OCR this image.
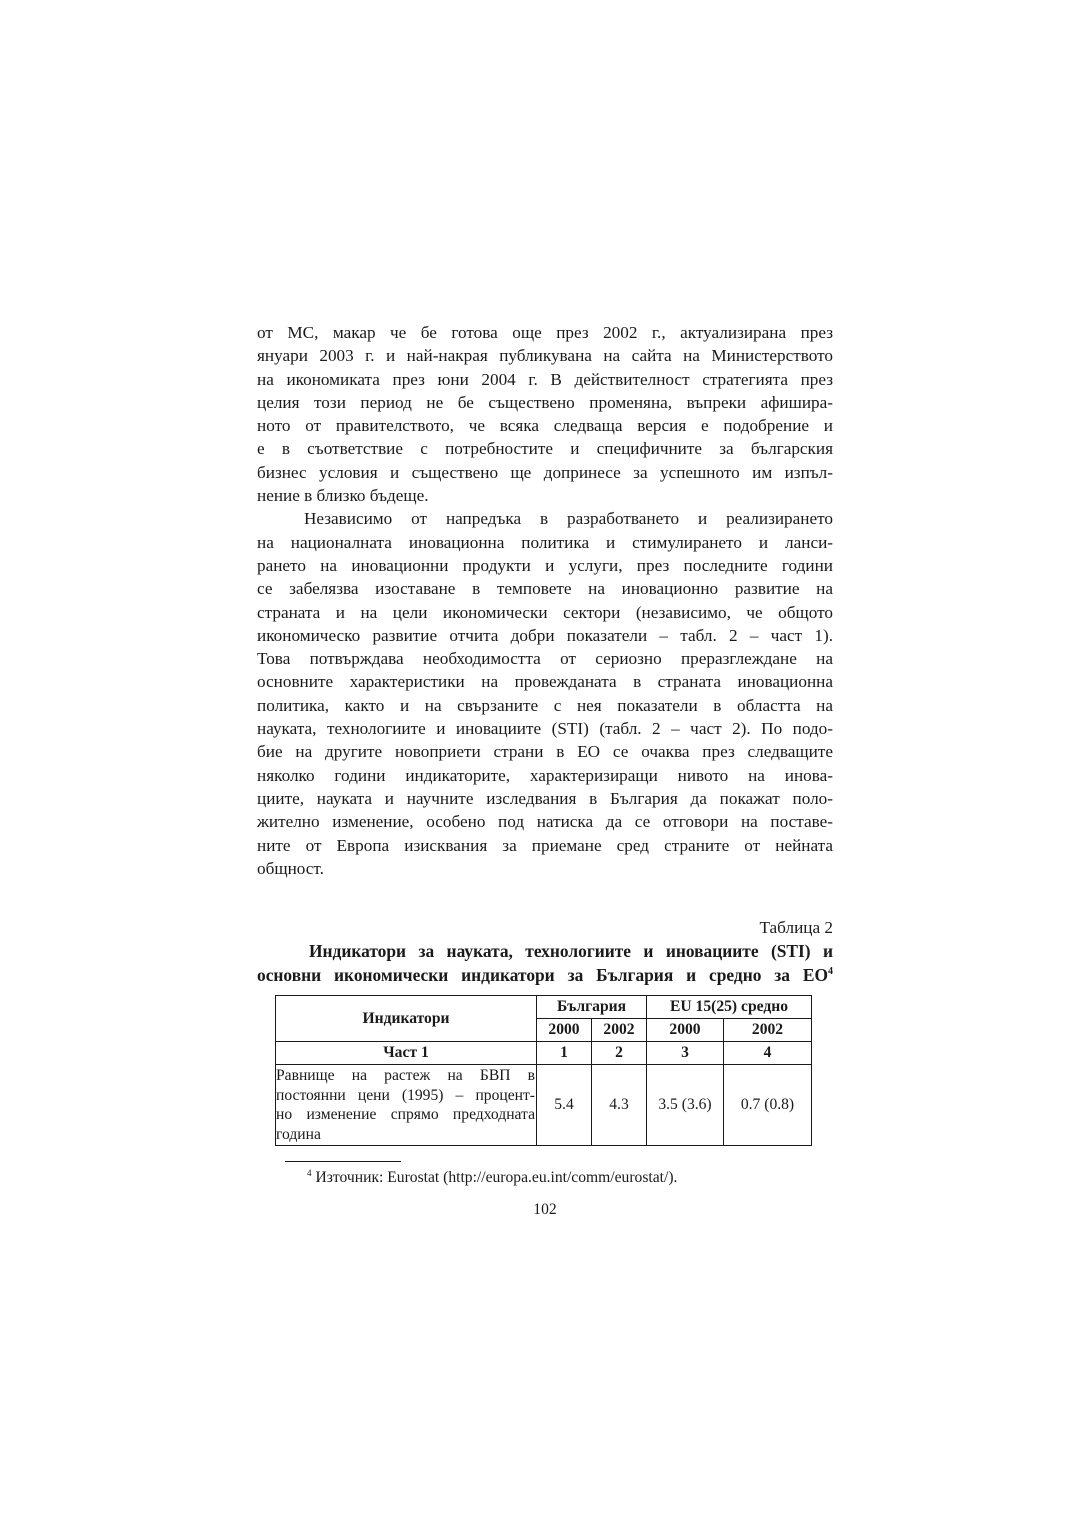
от МС, макар че бе готова още през 2002 г., актуализирана през
януари 2003 г. и най-накрая публикувана на сайта на Министерството
на икономиката през юни 2004 г. В действителност стратегията през
целия този период не бе съществено променяна, въпреки афишира-
ното от правителството, че всяка следваща версия е подобрение и
е в съответствие с потребностите и специфичните за българския
бизнес условия и съществено ще допринесе за успешното им изпъл-
нение в близко бъдеще.

Независимо от напредъка в разработването и реализирането
на националната иновационна политика и стимулирането и ланси-
рането на иновационни продукти и услуги, през последните години
се забелязва изоставане в темповете на иновационно развитие на
страната и на цели икономически сектори (независимо, че общото
икономическо развитие отчита добри показатели – табл. 2 – част 1).
Това потвърждава необходимостта от сериозно преразглеждане на
основните характеристики на провежданата в страната иновационна
политика, както и на свързаните с нея показатели в областта на
науката, технологиите и иновациите (STI) (табл. 2 – част 2). По подо-
бие на другите новоприети страни в ЕО се очаква през следващите
няколко години индикаторите, характеризиращи нивото на инова-
циите, науката и научните изследвания в България да покажат поло-
жително изменение, особено под натиска да се отговори на поставе-
ните от Европа изисквания за приемане сред страните от нейната
общност.

Таблица 2
Индикатори за науката, технологиите и иновациите (STI) и
основни икономически индикатори за България и средно за $ЕО^4$
Индикатори	България		EU 15(25) средно	
	2000	2002	2000	2002
Част 1	1	2	3	4

Равнище на растеж на БВП в
постоянни цени (1995) – процент-
но изменение спрямо предходната
година	5.4	4.3	3.5 (3.6)	0.7 (0.8)
$^4$ Източник: Eurostat (http://europa.eu.int/comm/eurostat/).
102
